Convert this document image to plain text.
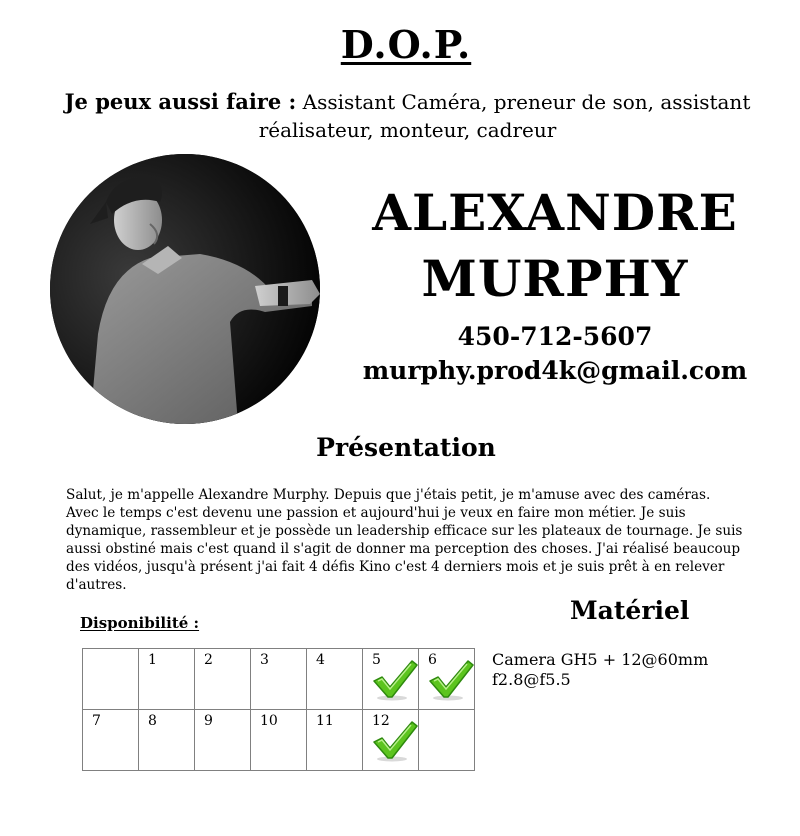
D.O.P.
Je peux aussi faire : Assistant Caméra, preneur de son, assistant réalisateur, monteur, cadreur
ALEXANDRE
MURPHY
450-712-5607
murphy.prod4k@gmail.com
Présentation
Salut, je m'appelle Alexandre Murphy. Depuis que j'étais petit, je m'amuse avec des caméras. Avec le temps c'est devenu une passion et aujourd'hui je veux en faire mon métier. Je suis dynamique, rassembleur et je possède un leadership efficace sur les plateaux de tournage. Je suis aussi obstiné mais c'est quand il s'agit de donner ma perception des choses. J'ai réalisé beaucoup des vidéos, jusqu'à présent j'ai fait 4 défis Kino c'est 4 derniers mois et je suis prêt à en relever d'autres.
Disponibilité :

	1	2	3	4	5	6

7	8	9	10	11	12	

Matériel
Camera GH5 + 12@60mm
f2.8@f5.5
